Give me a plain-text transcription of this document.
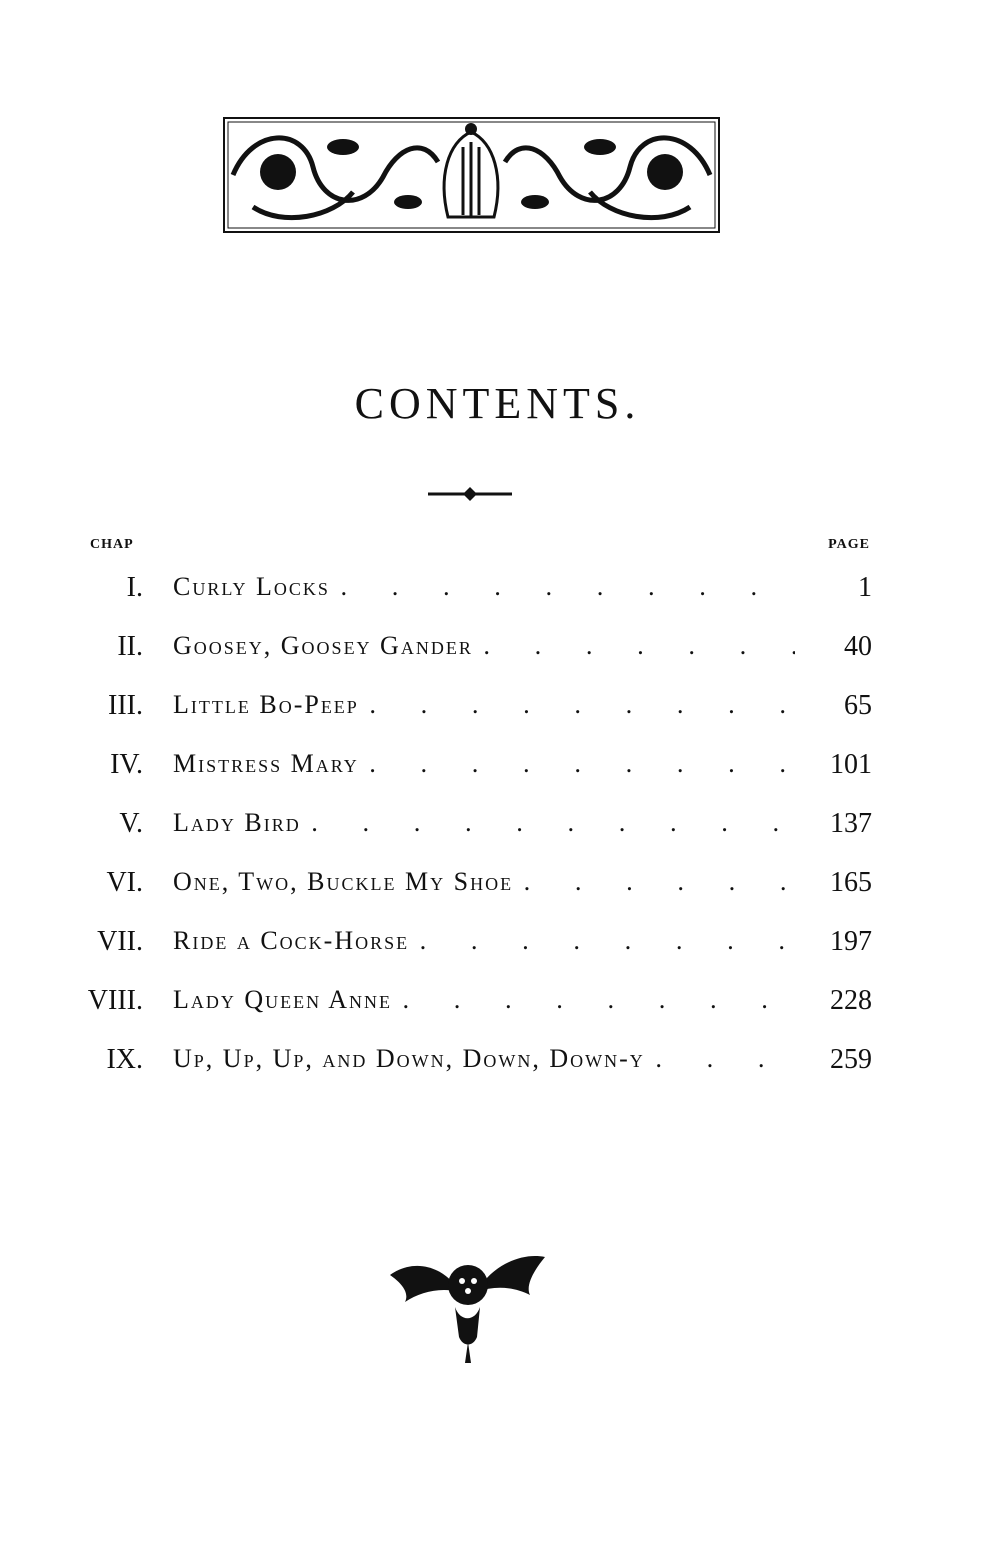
CONTENTS.
CHAP	PAGE
I. Curly Locks . . .	1
II. Goosey, Goosey Gander . . .	40
III. Little Bo-Peep . . .	65
IV. Mistress Mary . . .	101
V. Lady Bird . . .	137
VI. One, Two, Buckle My Shoe . . .	165
VII. Ride a Cock-Horse . . .	197
VIII. Lady Queen Anne . . .	228
IX. Up, Up, Up, and Down, Down, Down-y . . .	259
